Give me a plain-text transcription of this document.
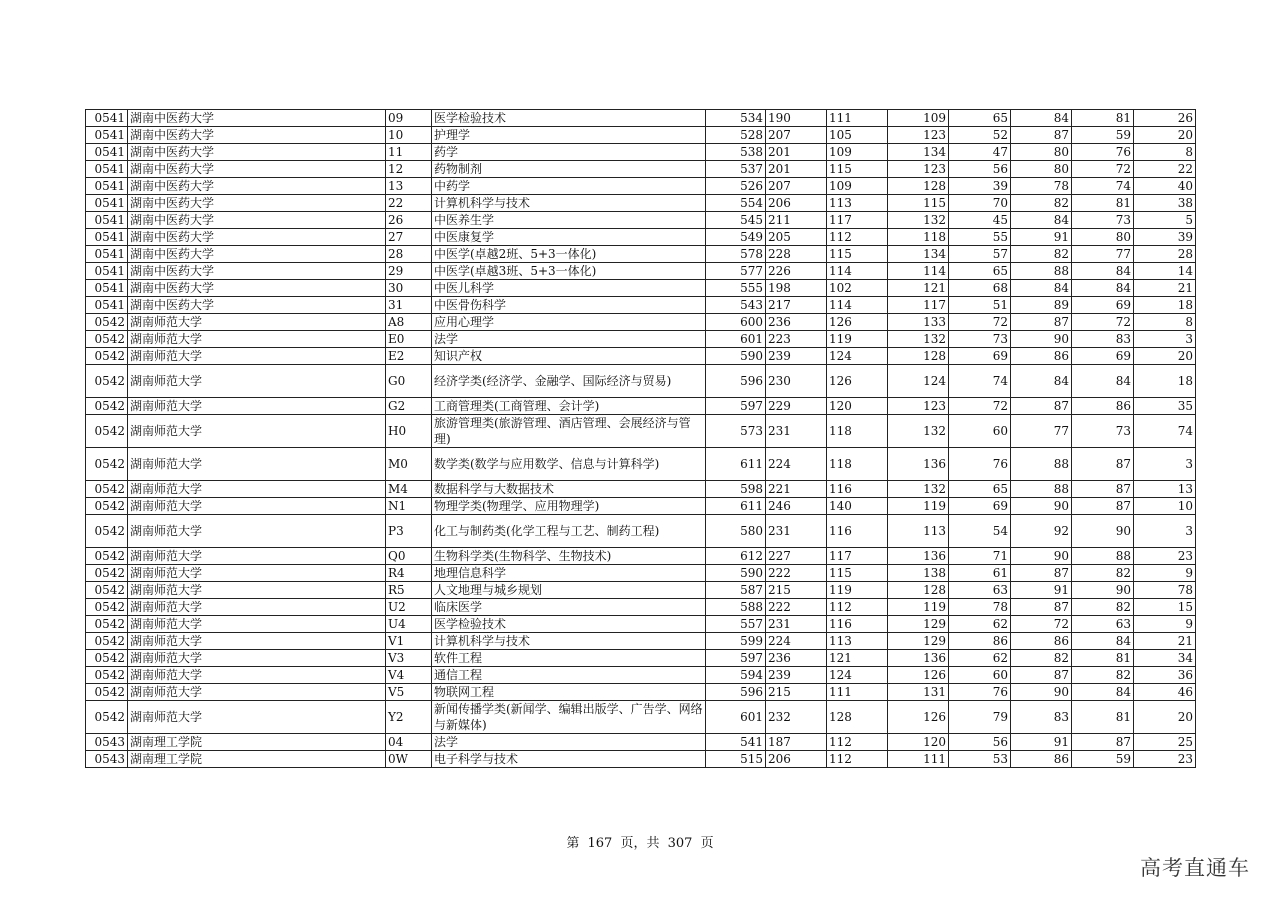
0541	湖南中医药大学	09	医学检验技术	534	190	111	109	65	84	81	26
0541	湖南中医药大学	10	护理学	528	207	105	123	52	87	59	20
0541	湖南中医药大学	11	药学	538	201	109	134	47	80	76	8
0541	湖南中医药大学	12	药物制剂	537	201	115	123	56	80	72	22
0541	湖南中医药大学	13	中药学	526	207	109	128	39	78	74	40
0541	湖南中医药大学	22	计算机科学与技术	554	206	113	115	70	82	81	38
0541	湖南中医药大学	26	中医养生学	545	211	117	132	45	84	73	5
0541	湖南中医药大学	27	中医康复学	549	205	112	118	55	91	80	39
0541	湖南中医药大学	28	中医学(卓越2班、5+3一体化)	578	228	115	134	57	82	77	28
0541	湖南中医药大学	29	中医学(卓越3班、5+3一体化)	577	226	114	114	65	88	84	14
0541	湖南中医药大学	30	中医儿科学	555	198	102	121	68	84	84	21
0541	湖南中医药大学	31	中医骨伤科学	543	217	114	117	51	89	69	18
0542	湖南师范大学	A8	应用心理学	600	236	126	133	72	87	72	8
0542	湖南师范大学	E0	法学	601	223	119	132	73	90	83	3
0542	湖南师范大学	E2	知识产权	590	239	124	128	69	86	69	20
0542	湖南师范大学	G0	经济学类(经济学、金融学、国际经济与贸易)	596	230	126	124	74	84	84	18
0542	湖南师范大学	G2	工商管理类(工商管理、会计学)	597	229	120	123	72	87	86	35
0542	湖南师范大学	H0	旅游管理类(旅游管理、酒店管理、会展经济与管理)	573	231	118	132	60	77	73	74
0542	湖南师范大学	M0	数学类(数学与应用数学、信息与计算科学)	611	224	118	136	76	88	87	3
0542	湖南师范大学	M4	数据科学与大数据技术	598	221	116	132	65	88	87	13
0542	湖南师范大学	N1	物理学类(物理学、应用物理学)	611	246	140	119	69	90	87	10
0542	湖南师范大学	P3	化工与制药类(化学工程与工艺、制药工程)	580	231	116	113	54	92	90	3
0542	湖南师范大学	Q0	生物科学类(生物科学、生物技术)	612	227	117	136	71	90	88	23
0542	湖南师范大学	R4	地理信息科学	590	222	115	138	61	87	82	9
0542	湖南师范大学	R5	人文地理与城乡规划	587	215	119	128	63	91	90	78
0542	湖南师范大学	U2	临床医学	588	222	112	119	78	87	82	15
0542	湖南师范大学	U4	医学检验技术	557	231	116	129	62	72	63	9
0542	湖南师范大学	V1	计算机科学与技术	599	224	113	129	86	86	84	21
0542	湖南师范大学	V3	软件工程	597	236	121	136	62	82	81	34
0542	湖南师范大学	V4	通信工程	594	239	124	126	60	87	82	36
0542	湖南师范大学	V5	物联网工程	596	215	111	131	76	90	84	46
0542	湖南师范大学	Y2	新闻传播学类(新闻学、编辑出版学、广告学、网络与新媒体)	601	232	128	126	79	83	81	20
0543	湖南理工学院	04	法学	541	187	112	120	56	91	87	25
0543	湖南理工学院	0W	电子科学与技术	515	206	112	111	53	86	59	23
第 167 页，共 307 页
高考直通车
